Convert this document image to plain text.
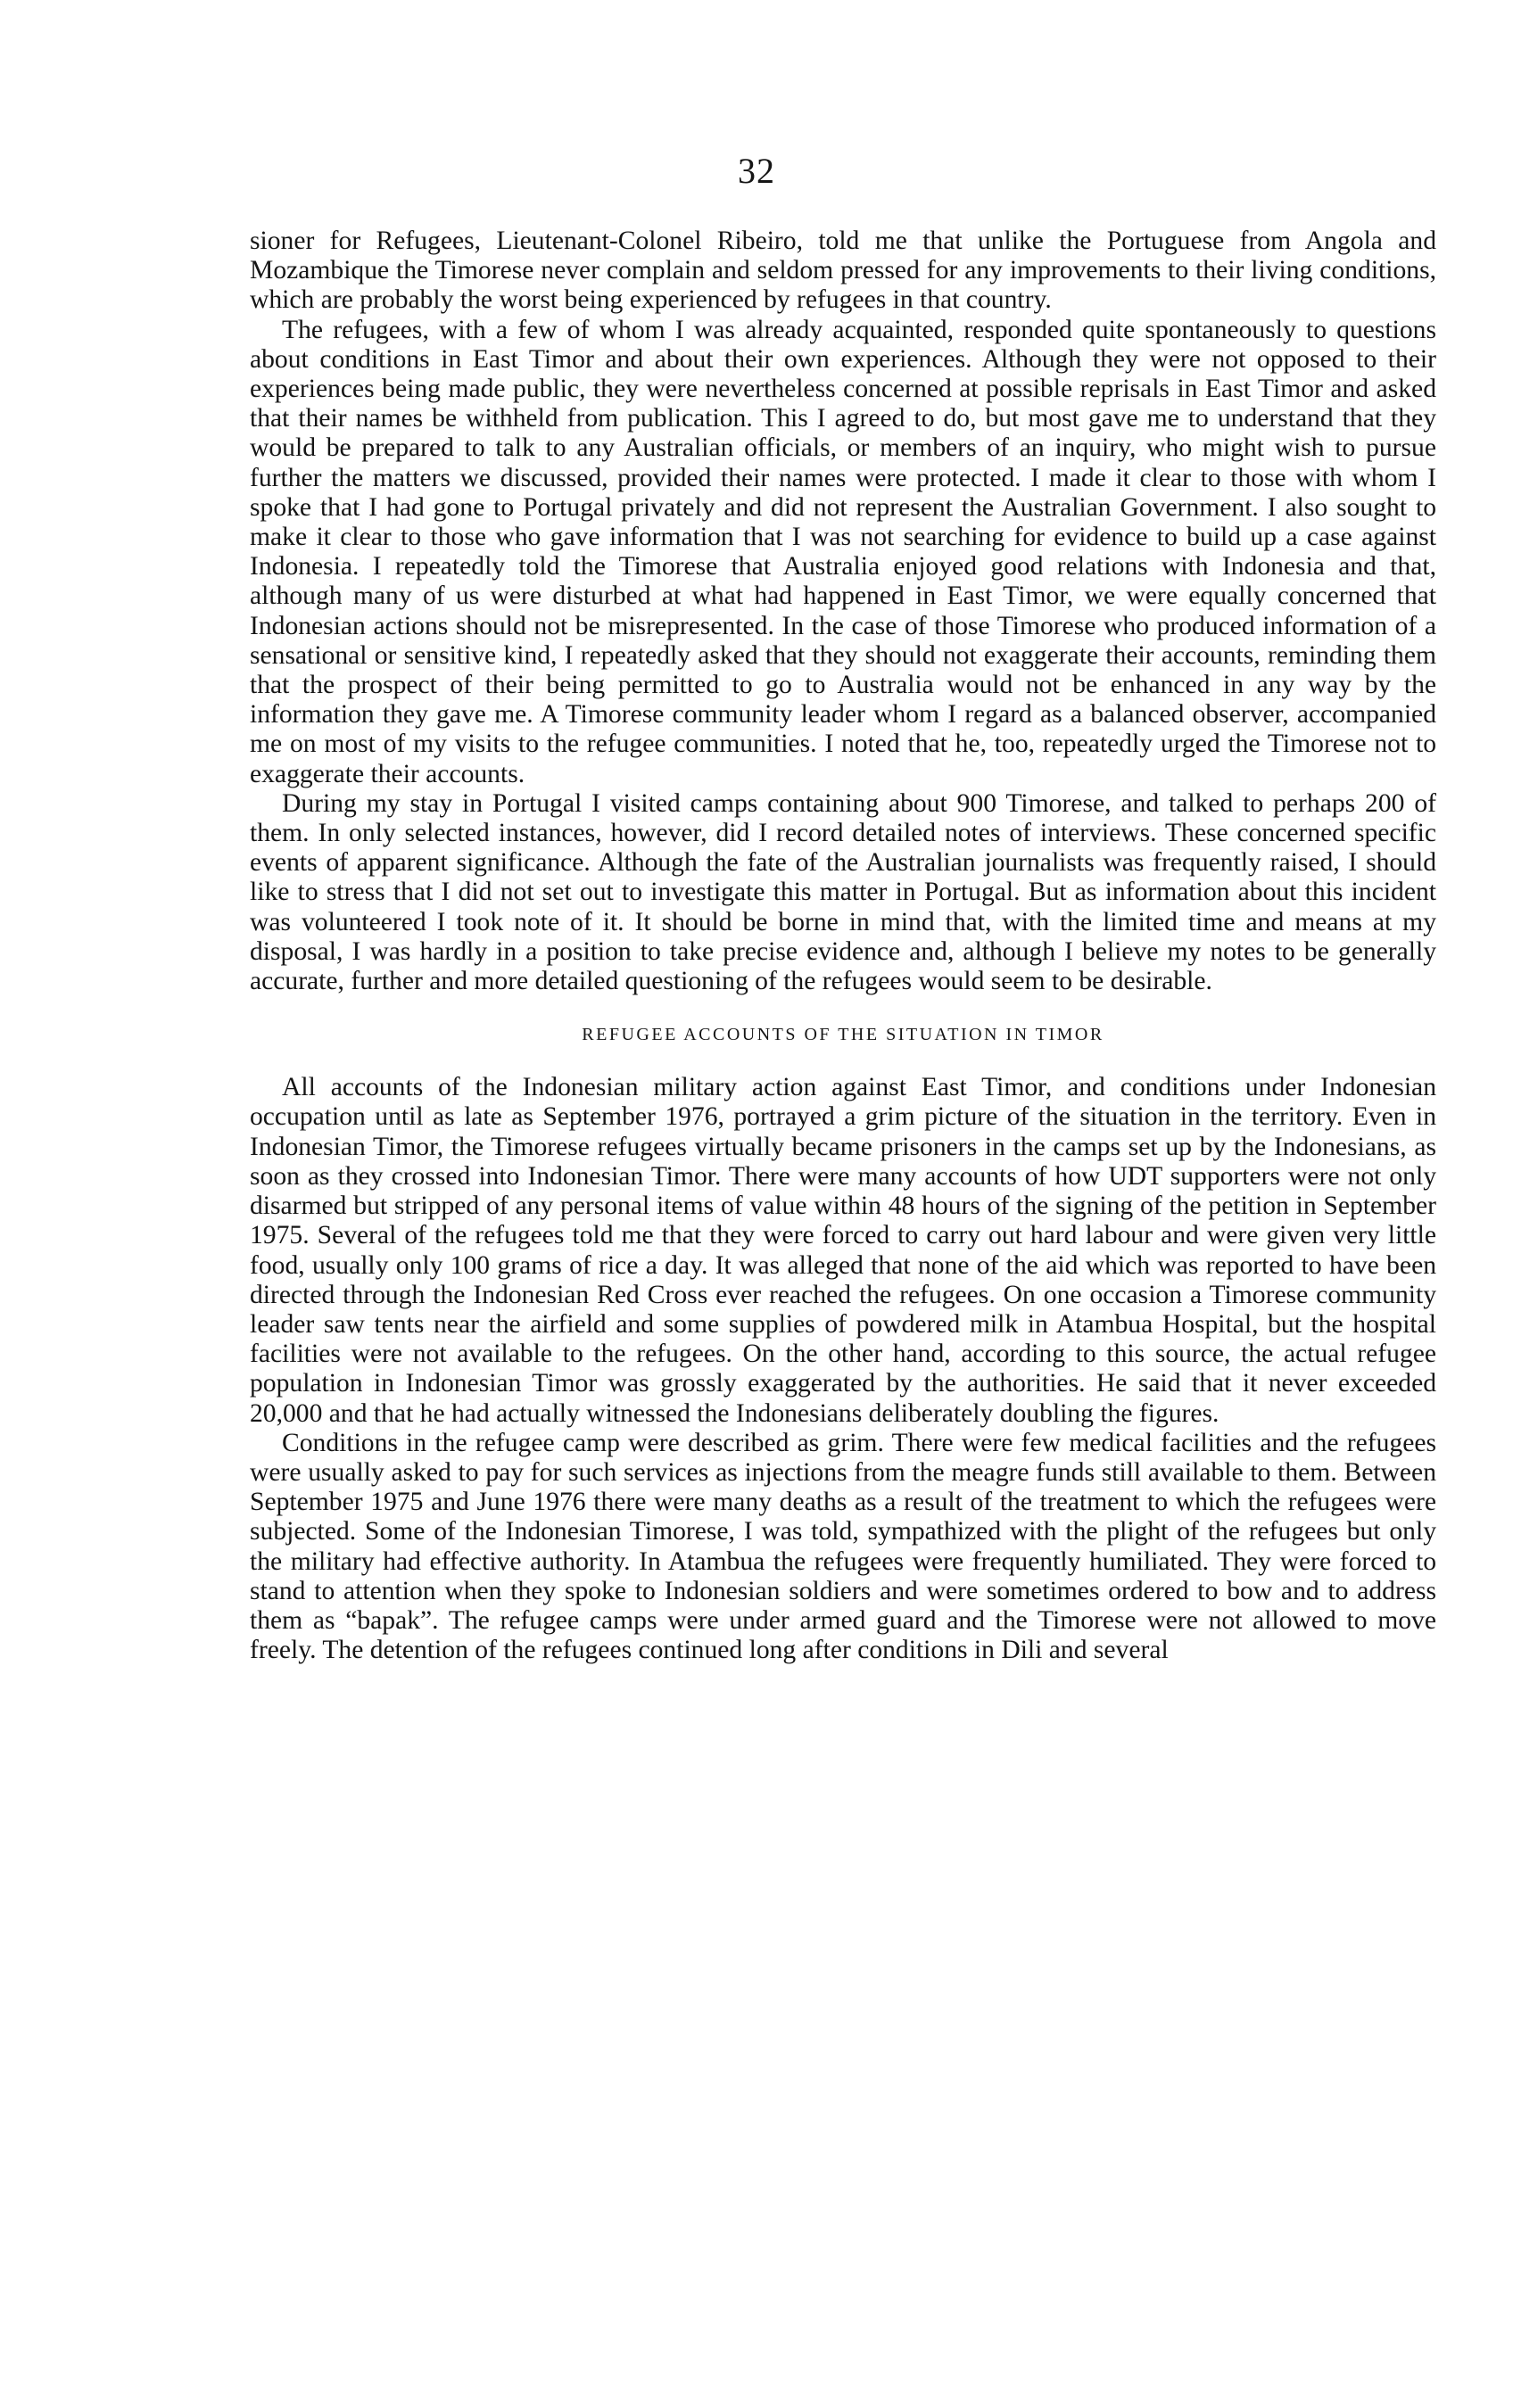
32

sioner for Refugees, Lieutenant-Colonel Ribeiro, told me that unlike the Portuguese from Angola and Mozambique the Timorese never complain and seldom pressed for any improvements to their living conditions, which are probably the worst being experienced by refugees in that country.

The refugees, with a few of whom I was already acquainted, responded quite spontaneously to questions about conditions in East Timor and about their own experiences. Although they were not opposed to their experiences being made public, they were nevertheless concerned at possible reprisals in East Timor and asked that their names be withheld from publication. This I agreed to do, but most gave me to understand that they would be prepared to talk to any Australian officials, or members of an inquiry, who might wish to pursue further the matters we discussed, provided their names were protected. I made it clear to those with whom I spoke that I had gone to Portugal privately and did not represent the Australian Government. I also sought to make it clear to those who gave information that I was not searching for evidence to build up a case against Indonesia. I repeatedly told the Timorese that Australia enjoyed good relations with Indonesia and that, although many of us were disturbed at what had happened in East Timor, we were equally concerned that Indonesian actions should not be misrepresented. In the case of those Timorese who produced information of a sensational or sensitive kind, I repeatedly asked that they should not exaggerate their accounts, reminding them that the prospect of their being permitted to go to Australia would not be enhanced in any way by the information they gave me. A Timorese community leader whom I regard as a balanced observer, accompanied me on most of my visits to the refugee communities. I noted that he, too, repeatedly urged the Timorese not to exaggerate their accounts.

During my stay in Portugal I visited camps containing about 900 Timorese, and talked to perhaps 200 of them. In only selected instances, however, did I record detailed notes of interviews. These concerned specific events of apparent significance. Although the fate of the Australian journalists was frequently raised, I should like to stress that I did not set out to investigate this matter in Portugal. But as information about this incident was volunteered I took note of it. It should be borne in mind that, with the limited time and means at my disposal, I was hardly in a position to take precise evidence and, although I believe my notes to be generally accurate, further and more detailed questioning of the refugees would seem to be desirable.

REFUGEE ACCOUNTS OF THE SITUATION IN TIMOR

All accounts of the Indonesian military action against East Timor, and conditions under Indonesian occupation until as late as September 1976, portrayed a grim picture of the situation in the territory. Even in Indonesian Timor, the Timorese refugees virtually became prisoners in the camps set up by the Indonesians, as soon as they crossed into Indonesian Timor. There were many accounts of how UDT supporters were not only disarmed but stripped of any personal items of value within 48 hours of the signing of the petition in September 1975. Several of the refugees told me that they were forced to carry out hard labour and were given very little food, usually only 100 grams of rice a day. It was alleged that none of the aid which was reported to have been directed through the Indonesian Red Cross ever reached the refugees. On one occasion a Timorese community leader saw tents near the airfield and some supplies of powdered milk in Atambua Hospital, but the hospital facilities were not available to the refugees. On the other hand, according to this source, the actual refugee population in Indonesian Timor was grossly exaggerated by the authorities. He said that it never exceeded 20,000 and that he had actually witnessed the Indonesians deliberately doubling the figures.

Conditions in the refugee camp were described as grim. There were few medical facilities and the refugees were usually asked to pay for such services as injections from the meagre funds still available to them. Between September 1975 and June 1976 there were many deaths as a result of the treatment to which the refugees were subjected. Some of the Indonesian Timorese, I was told, sympathized with the plight of the refugees but only the military had effective authority. In Atambua the refugees were frequently humiliated. They were forced to stand to attention when they spoke to Indonesian soldiers and were sometimes ordered to bow and to address them as “bapak”. The refugee camps were under armed guard and the Timorese were not allowed to move freely. The detention of the refugees continued long after conditions in Dili and several
